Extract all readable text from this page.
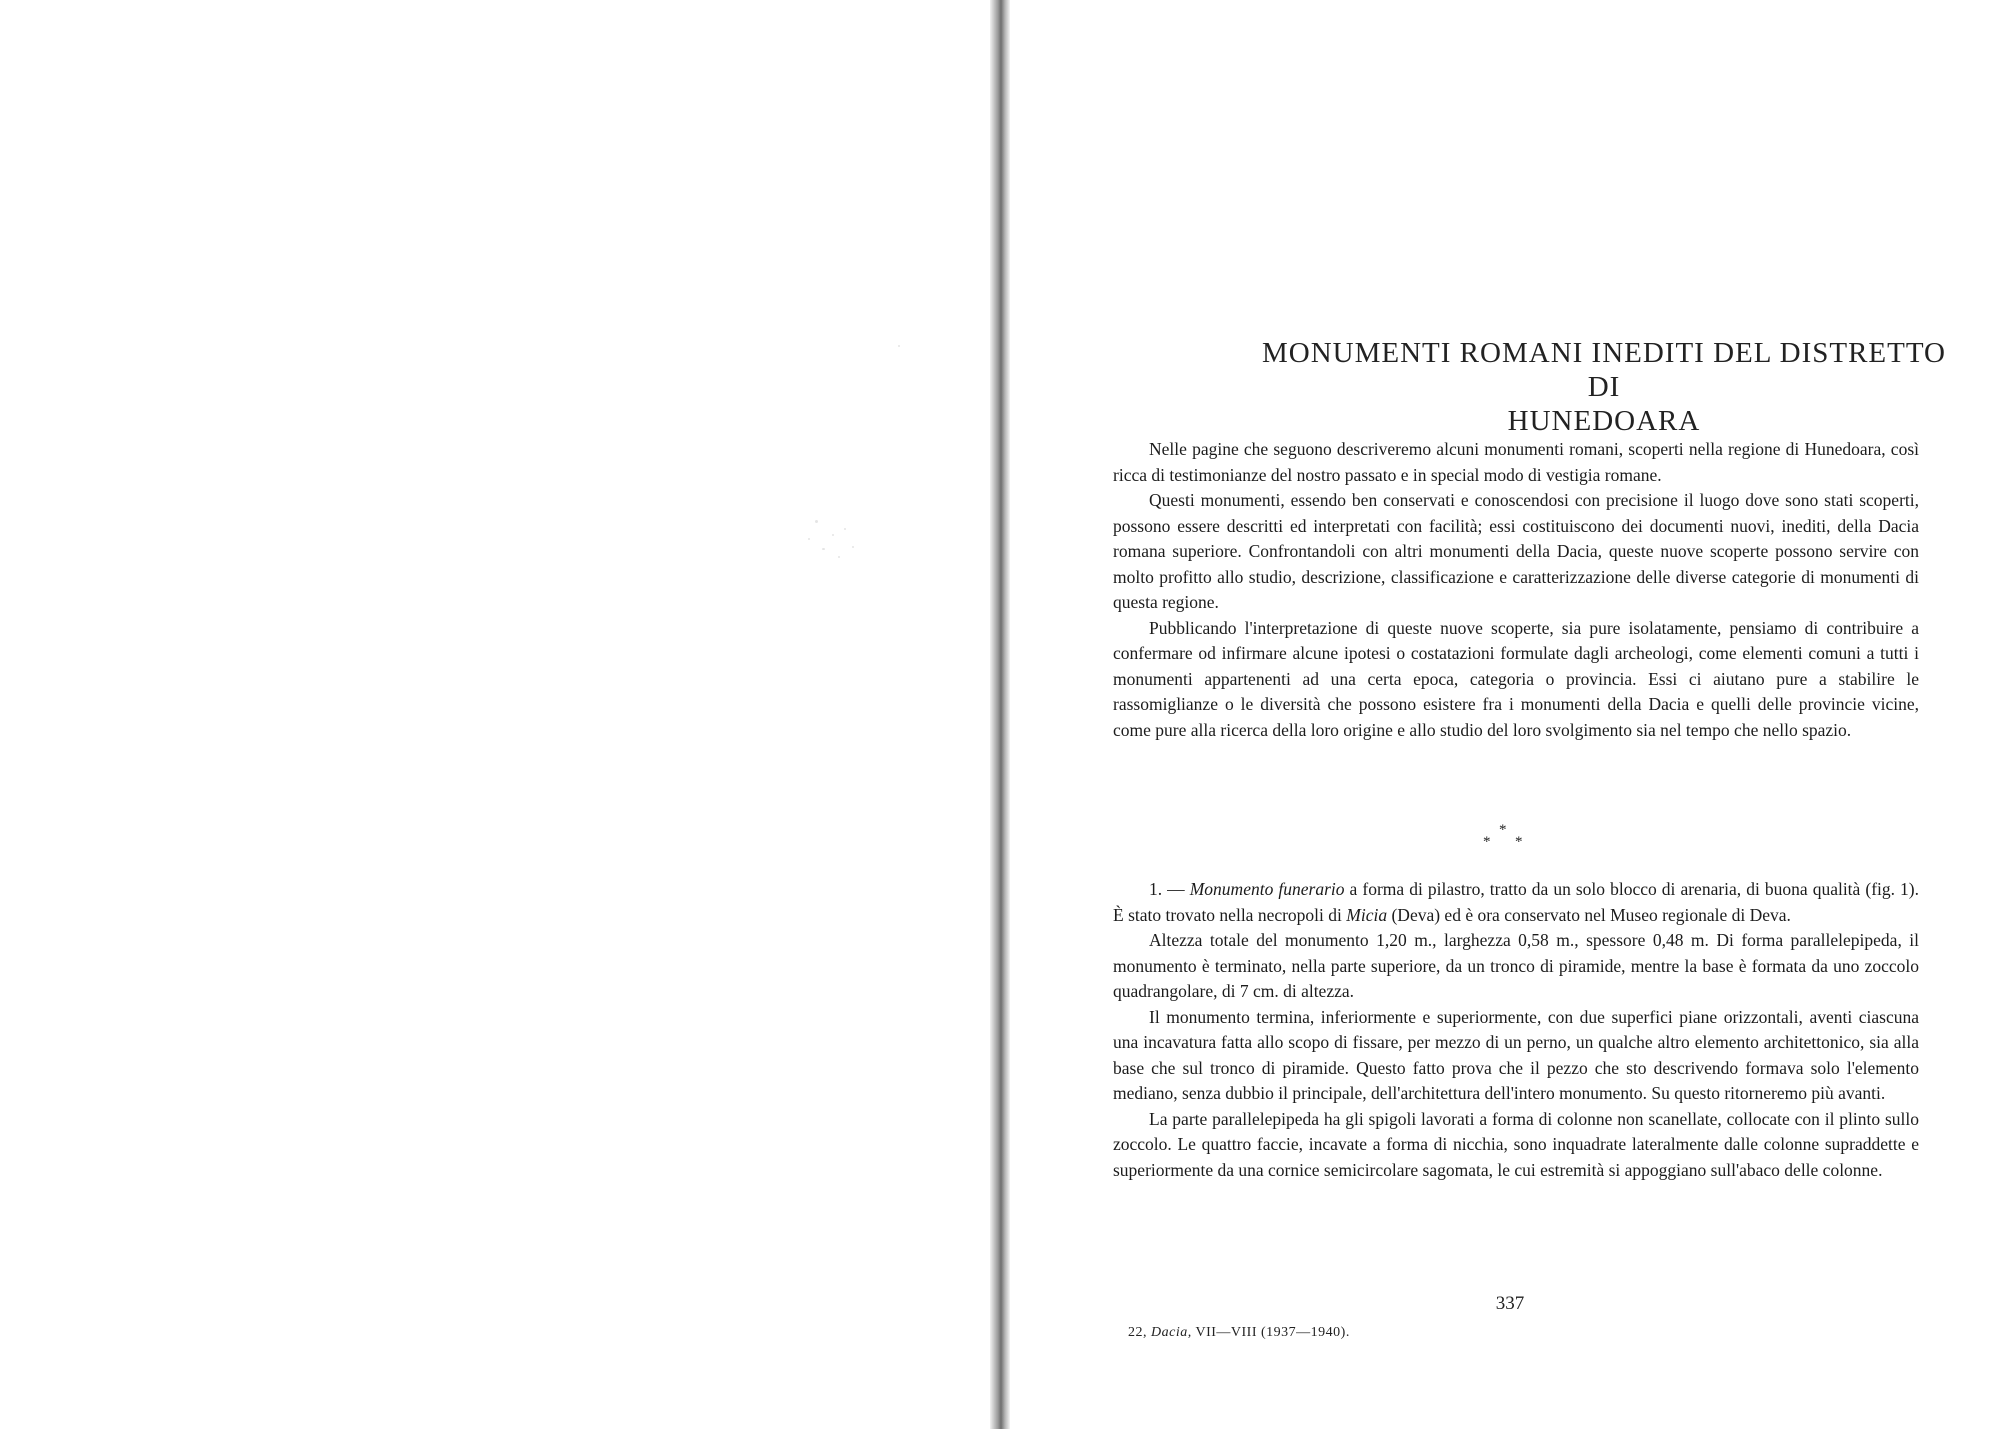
MONUMENTI ROMANI INEDITI DEL DISTRETTO DI
HUNEDOARA

Nelle pagine che seguono descriveremo alcuni monumenti romani, scoperti nella regione di Hunedoara, così ricca di testimonianze del nostro passato e in special modo di vestigia romane.

Questi monumenti, essendo ben conservati e conoscendosi con precisione il luogo dove sono stati scoperti, possono essere descritti ed interpretati con facilità; essi costituiscono dei documenti nuovi, inediti, della Dacia romana superiore. Confrontandoli con altri monumenti della Dacia, queste nuove scoperte possono servire con molto profitto allo studio, descrizione, classificazione e caratterizzazione delle diverse categorie di monumenti di questa regione.

Pubblicando l'interpretazione di queste nuove scoperte, sia pure isolatamente, pensiamo di contribuire a confermare od infirmare alcune ipotesi o costatazioni formulate dagli archeologi, come elementi comuni a tutti i monumenti appartenenti ad una certa epoca, categoria o provincia. Essi ci aiutano pure a stabilire le rassomiglianze o le diversità che possono esistere fra i monumenti della Dacia e quelli delle provincie vicine, come pure alla ricerca della loro origine e allo studio del loro svolgimento sia nel tempo che nello spazio.

*
* *

1. — Monumento funerario a forma di pilastro, tratto da un solo blocco di arenaria, di buona qualità (fig. 1). È stato trovato nella necropoli di Micia (Deva) ed è ora conservato nel Museo regionale di Deva.

Altezza totale del monumento 1,20 m., larghezza 0,58 m., spessore 0,48 m. Di forma parallelepipeda, il monumento è terminato, nella parte superiore, da un tronco di piramide, mentre la base è formata da uno zoccolo quadrangolare, di 7 cm. di altezza.

Il monumento termina, inferiormente e superiormente, con due superfici piane orizzontali, aventi ciascuna una incavatura fatta allo scopo di fissare, per mezzo di un perno, un qualche altro elemento architettonico, sia alla base che sul tronco di piramide. Questo fatto prova che il pezzo che sto descrivendo formava solo l'elemento mediano, senza dubbio il principale, dell'architettura dell'intero monumento. Su questo ritorneremo più avanti.

La parte parallelepipeda ha gli spigoli lavorati a forma di colonne non scanellate, collocate con il plinto sullo zoccolo. Le quattro faccie, incavate a forma di nicchia, sono inquadrate lateralmente dalle colonne supraddette e superiormente da una cornice semicircolare sagomata, le cui estremità si appoggiano sull'abaco delle colonne.

337
22, Dacia, VII—VIII (1937—1940).
